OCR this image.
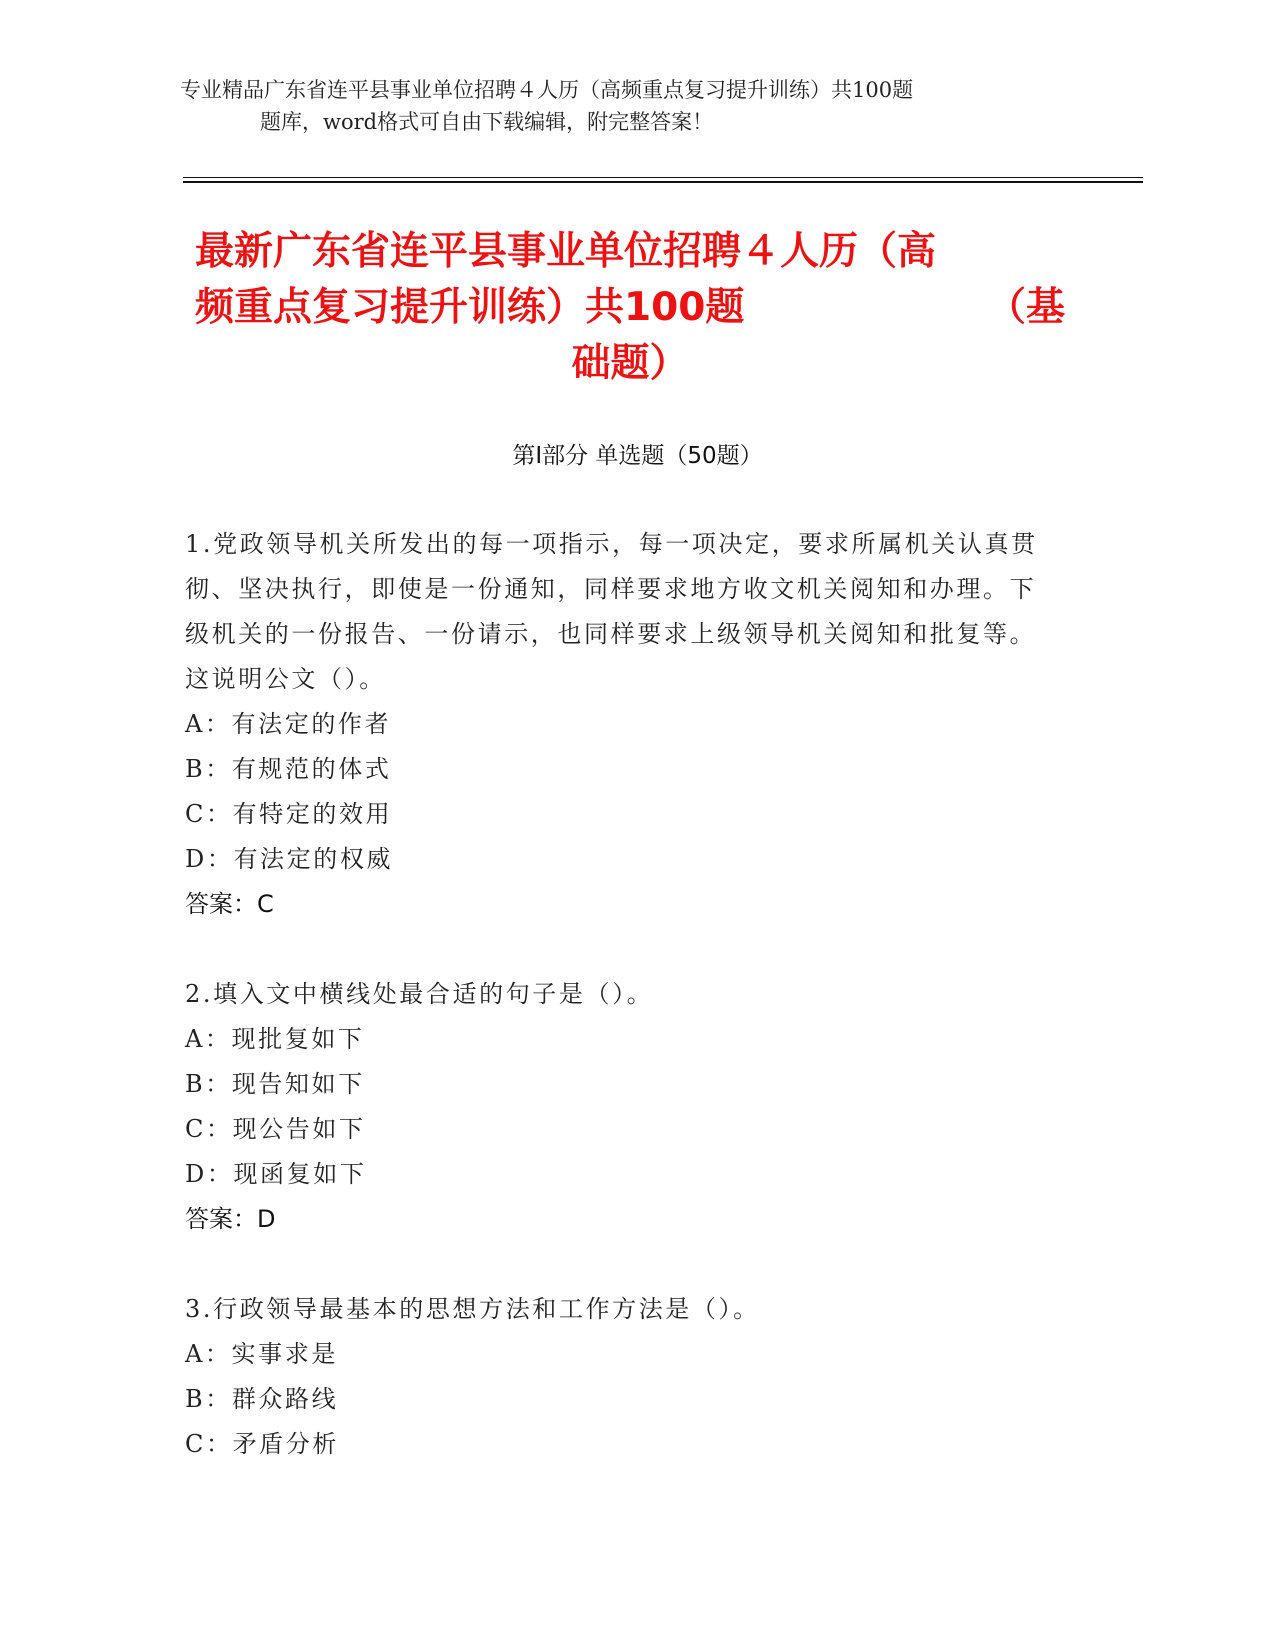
专业精品广东省连平县事业单位招聘４人历（高频重点复习提升训练）共100题
题库，word格式可自由下载编辑，附完整答案！
最新广东省连平县事业单位招聘４人历（高
频重点复习提升训练）共100题	（基
础题）
第Ⅰ部分 单选题（50题）

1.党政领导机关所发出的每一项指示，每一项决定，要求所属机关认真贯彻、坚决执行，即使是一份通知，同样要求地方收文机关阅知和办理。下级机关的一份报告、一份请示，也同样要求上级领导机关阅知和批复等。这说明公文（）。

A：有法定的作者

B：有规范的体式

C：有特定的效用

D：有法定的权威

答案：C

2.填入文中横线处最合适的句子是（）。

A：现批复如下

B：现告知如下

C：现公告如下

D：现函复如下

答案：D

3.行政领导最基本的思想方法和工作方法是（）。

A：实事求是

B：群众路线

C：矛盾分析
